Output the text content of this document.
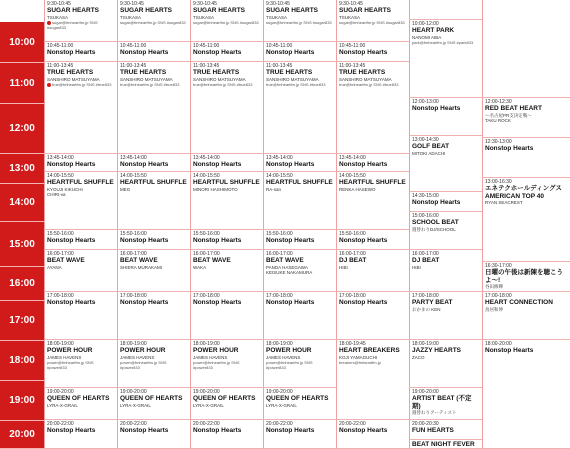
10:00
11:00
12:00
13:00
14:00
15:00
16:00
17:00
18:00
19:00
20:00
9:30-10:45
SUGAR HEARTS
TSUKASA
sugar@fmheartfm.jp SNS #sugar833
10:45-11:00
Nonstop Hearts
11:00-13:45
TRUE HEARTS
SANSHIRO MATSUYAMA
true@fmheartfm.jp SNS #true833
13:45-14:00
Nonstop Hearts
14:00-15:50
HEARTFUL SHUFFLE
KYOUJI KIKUCHI
CHIRI-va
15:50-16:00
Nonstop Hearts
16:00-17:00
BEAT WAVE
AYANA
17:00-18:00
Nonstop Hearts
18:00-19:00
POWER HOUR
JAMES HAVENS
power@fmheartfm.jp SNS #power833
19:00-20:00
QUEEN OF HEARTS
LYRA-X-GRAIL
20:00-22:00
Nonstop Hearts
9:30-10:45
SUGAR HEARTS
TSUKASA
sugar@fmheartfm.jp SNS #sugar833
10:45-11:00
Nonstop Hearts
11:00-13:45
TRUE HEARTS
SANSHIRO MATSUYAMA
true@fmheartfm.jp SNS #true833
13:45-14:00
Nonstop Hearts
14:00-15:50
HEARTFUL SHUFFLE
MEG
15:50-16:00
Nonstop Hearts
16:00-17:00
BEAT WAVE
SHIERA MURAKAMI
17:00-18:00
Nonstop Hearts
18:00-19:00
POWER HOUR
JAMES HAVENS
power@fmheartfm.jp SNS #power833
19:00-20:00
QUEEN OF HEARTS
LYRA-X-GRAIL
20:00-22:00
Nonstop Hearts
9:30-10:45
SUGAR HEARTS
TSUKASA
sugar@fmheartfm.jp SNS #sugar833
10:45-11:00
Nonstop Hearts
11:00-13:45
TRUE HEARTS
SANSHIRO MATSUYAMA
true@fmheartfm.jp SNS #true833
13:45-14:00
Nonstop Hearts
14:00-15:50
HEARTFUL SHUFFLE
MINORI HASHIMOTO
15:50-16:00
Nonstop Hearts
16:00-17:00
BEAT WAVE
WAKA
17:00-18:00
Nonstop Hearts
18:00-19:00
POWER HOUR
JAMES HAVENS
power@fmheartfm.jp SNS #power833
19:00-20:00
QUEEN OF HEARTS
LYRA-X-GRAIL
20:00-22:00
Nonstop Hearts
9:30-10:45
SUGAR HEARTS
TSUKASA
sugar@fmheartfm.jp SNS #sugar833
10:45-11:00
Nonstop Hearts
11:00-13:45
TRUE HEARTS
SANSHIRO MATSUYAMA
true@fmheartfm.jp SNS #true833
13:45-14:00
Nonstop Hearts
14:00-15:50
HEARTFUL SHUFFLE
RA-san
15:50-16:00
Nonstop Hearts
16:00-17:00
BEAT WAVE
PANDA HASEGAWA
KEISUKE NAKAMURA
17:00-18:00
Nonstop Hearts
18:00-19:00
POWER HOUR
JAMES HAVENS
power@fmheartfm.jp SNS #power833
19:00-20:00
QUEEN OF HEARTS
LYRA-X-GRAIL
20:00-22:00
Nonstop Hearts
9:30-10:45
SUGAR HEARTS
TSUKASA
sugar@fmheartfm.jp SNS #sugar833
10:45-11:00
Nonstop Hearts
11:00-13:45
TRUE HEARTS
SANSHIRO MATSUYAMA
true@fmheartfm.jp SNS #true833
13:45-14:00
Nonstop Hearts
14:00-15:50
HEARTFUL SHUFFLE
RENKA HASEWO
15:50-16:00
Nonstop Hearts
16:00-17:00
DJ BEAT
HIBI
17:00-18:00
Nonstop Hearts
18:00-19:45
HEART BREAKERS
KOJI YAMAGUCHI
breakers@fmheartfm.jp
20:00-22:00
Nonstop Hearts
10:00-12:00
HEART PARK
NANOMI AIBA
park@fmheartfm.jp SNS #park833
12:00-13:00
Nonstop Hearts
13:00-14:30
GOLF BEAT
MITOKI ADACHI
14:30-15:00
Nonstop Hearts
15:00-16:00
SCHOOL BEAT
週替わりDJ/SCHOOL
16:00-17:00
DJ BEAT
HIBI
17:00-18:00
PARTY BEAT
おかまの KEN
18:00-19:00
JAZZY HEARTS
ZACO
19:00-20:00
ARTIST BEAT (不定期)
週替わりアーティスト
20:00-20:30
FUN HEARTS
BEAT NIGHT FEVER
12:00-12:30
RED BEAT HEART
〜名古屋PR支決定戦〜
TAKU ROCK
12:30-13:00
Nonstop Hearts
13:00-16:30
エネテクホールディングス AMERICAN TOP 40
RYAN SEACREST
16:30-17:00
日曜の午後は新陳を聴こうよ〜!
谷田修輝
17:00-18:00
HEART CONNECTION
鳥居和伸
18:00-20:00
Nonstop Hearts
